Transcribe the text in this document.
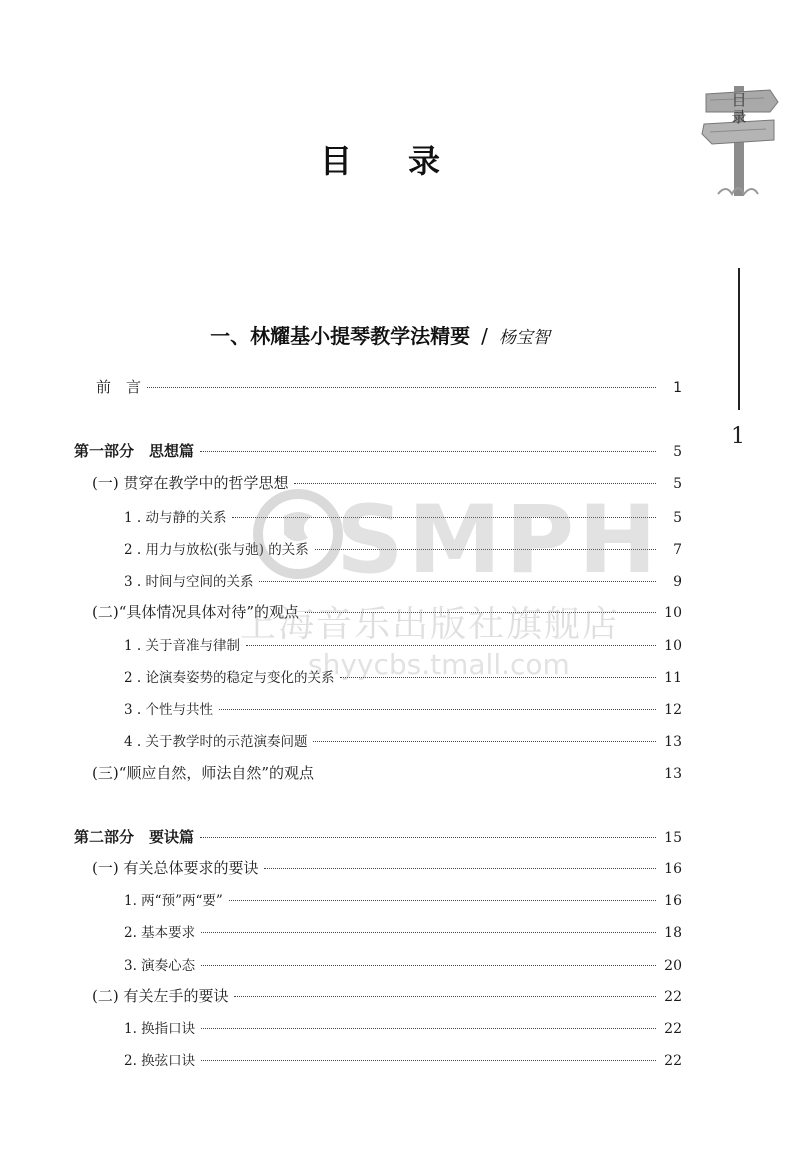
目
录
1
目录
一、林耀基小提琴教学法精要 / 杨宝智
前　言	1
第一部分　思想篇	5
(一) 贯穿在教学中的哲学思想	5
1 . 动与静的关系	5
2 . 用力与放松(张与弛) 的关系	7
3 . 时间与空间的关系	9
(二)“具体情况具体对待”的观点	10
1 . 关于音准与律制	10
2 . 论演奏姿势的稳定与变化的关系	11
3 . 个性与共性	12
4 . 关于教学时的示范演奏问题	13
(三)“顺应自然，师法自然”的观点	13
第二部分　要诀篇	15
(一) 有关总体要求的要诀	16
1. 两“预”两“要”	16
2. 基本要求	18
3. 演奏心态	20
(二) 有关左手的要诀	22
1. 换指口诀	22
2. 换弦口诀	22
SMPH
上海音乐出版社旗舰店
shyycbs.tmall.com
